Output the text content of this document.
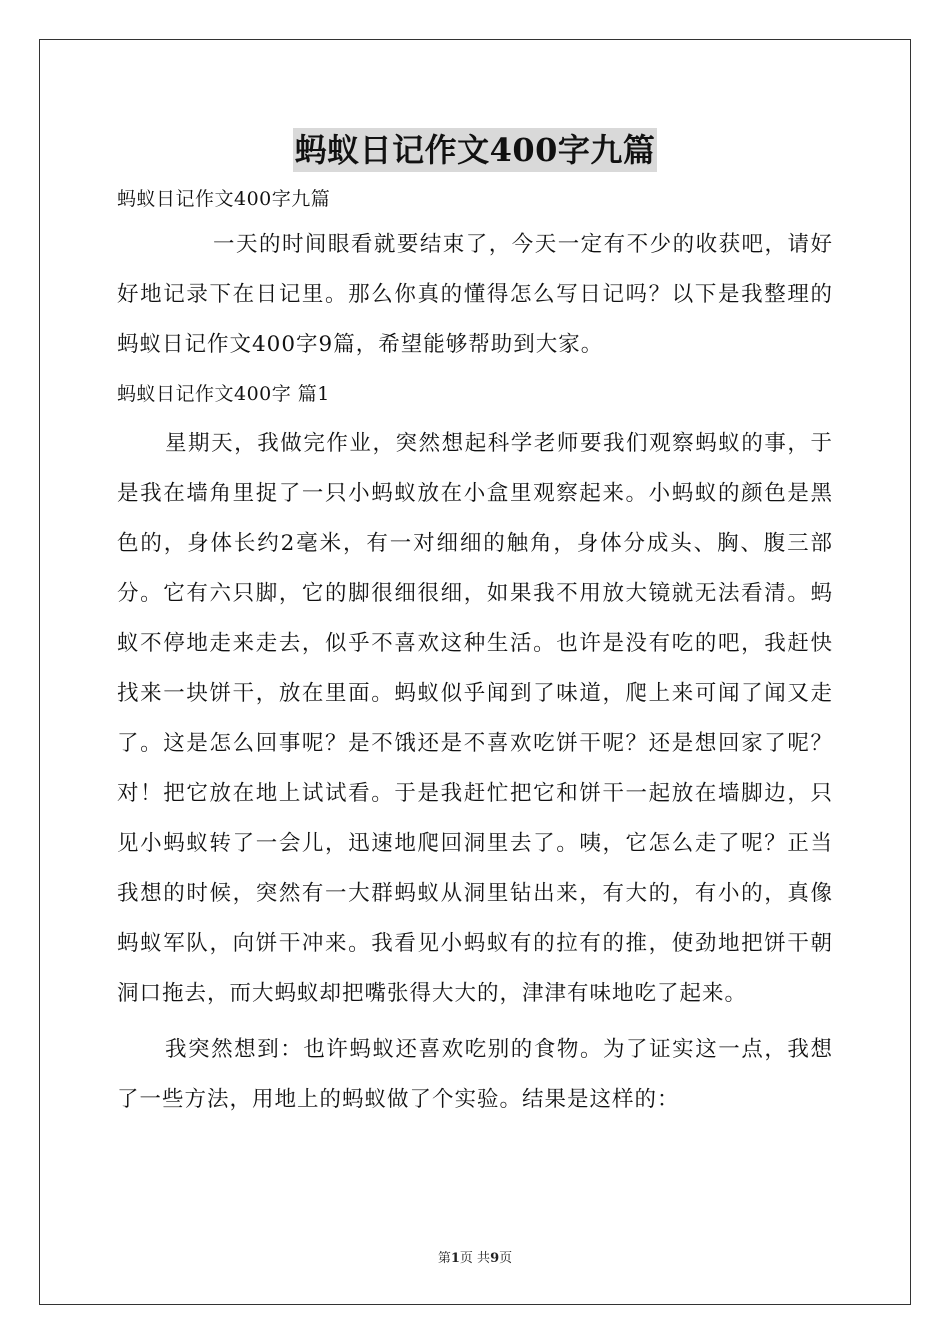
蚂蚁日记作文400字九篇

蚂蚁日记作文400字九篇

一天的时间眼看就要结束了，今天一定有不少的收获吧，请好好地记录下在日记里。那么你真的懂得怎么写日记吗？以下是我整理的蚂蚁日记作文400字9篇，希望能够帮助到大家。

蚂蚁日记作文400字 篇1

星期天，我做完作业，突然想起科学老师要我们观察蚂蚁的事，于是我在墙角里捉了一只小蚂蚁放在小盒里观察起来。小蚂蚁的颜色是黑色的，身体长约2毫米，有一对细细的触角，身体分成头、胸、腹三部分。它有六只脚，它的脚很细很细，如果我不用放大镜就无法看清。蚂蚁不停地走来走去，似乎不喜欢这种生活。也许是没有吃的吧，我赶快找来一块饼干，放在里面。蚂蚁似乎闻到了味道，爬上来可闻了闻又走了。这是怎么回事呢？是不饿还是不喜欢吃饼干呢？还是想回家了呢？对！把它放在地上试试看。于是我赶忙把它和饼干一起放在墙脚边，只见小蚂蚁转了一会儿，迅速地爬回洞里去了。咦，它怎么走了呢？正当我想的时候，突然有一大群蚂蚁从洞里钻出来，有大的，有小的，真像蚂蚁军队，向饼干冲来。我看见小蚂蚁有的拉有的推，使劲地把饼干朝洞口拖去，而大蚂蚁却把嘴张得大大的，津津有味地吃了起来。

我突然想到：也许蚂蚁还喜欢吃别的食物。为了证实这一点，我想了一些方法，用地上的蚂蚁做了个实验。结果是这样的：

第1页 共9页
